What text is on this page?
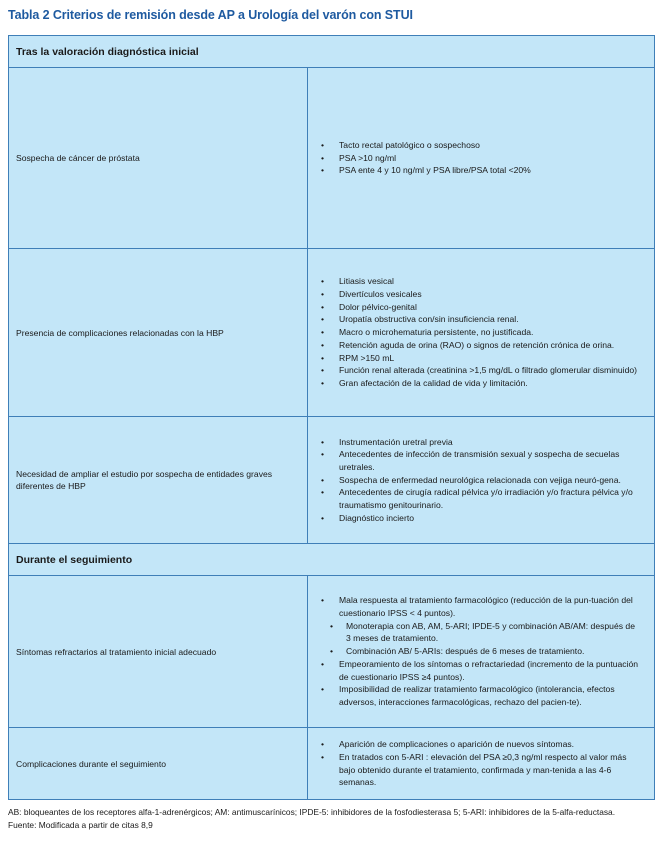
Tabla 2 Criterios de remisión desde AP a Urología del varón con STUI
Tras la valoración diagnóstica inicial
Sospecha de cáncer de próstata
• Tacto rectal patológico o sospechoso
• PSA >10 ng/ml
• PSA ente 4 y 10 ng/ml y PSA libre/PSA total <20%
Presencia de complicaciones relacionadas con la HBP
• Litiasis vesical
• Divertículos vesicales
• Dolor pélvico-genital
• Uropatía obstructiva con/sin insuficiencia renal.
• Macro o microhematuria persistente, no justificada.
• Retención aguda de orina (RAO) o signos de retención crónica de orina.
• RPM >150 mL
• Función renal alterada (creatinina >1,5 mg/dL o filtrado glomerular disminuido)
• Gran afectación de la calidad de vida y limitación.
Necesidad de ampliar el estudio por sospecha de entidades graves diferentes de HBP
• Instrumentación uretral previa
• Antecedentes de infección de transmisión sexual y sospecha de secuelas uretrales.
• Sospecha de enfermedad neurológica relacionada con vejiga neuró-gena.
• Antecedentes de cirugía radical pélvica y/o irradiación y/o fractura pélvica y/o traumatismo genitourinario.
• Diagnóstico incierto
Durante el seguimiento
Síntomas refractarios al tratamiento inicial adecuado
• Mala respuesta al tratamiento farmacológico (reducción de la pun-tuación del cuestionario IPSS < 4 puntos).
• Monoterapia con AB, AM, 5-ARI; IPDE-5 y combinación AB/AM: después de 3 meses de tratamiento.
• Combinación AB/ 5-ARIs: después de 6 meses de tratamiento.
• Empeoramiento de los síntomas o refractariedad (incremento de la puntuación de cuestionario IPSS ≥4 puntos).
• Imposibilidad de realizar tratamiento farmacológico (intolerancia, efectos adversos, interacciones farmacológicas, rechazo del pacien-te).
Complicaciones durante el seguimiento
• Aparición de complicaciones o aparición de nuevos síntomas.
• En tratados con 5-ARI : elevación del PSA ≥0,3 ng/ml respecto al valor más bajo obtenido durante el tratamiento, confirmada y man-tenida a las 4-6 semanas.
AB: bloqueantes de los receptores alfa-1-adrenérgicos; AM: antimuscarínicos; IPDE-5: inhibidores de la fosfodiesterasa 5; 5-ARI: inhibidores de la 5-alfa-reductasa.
Fuente: Modificada a partir de citas 8,9
